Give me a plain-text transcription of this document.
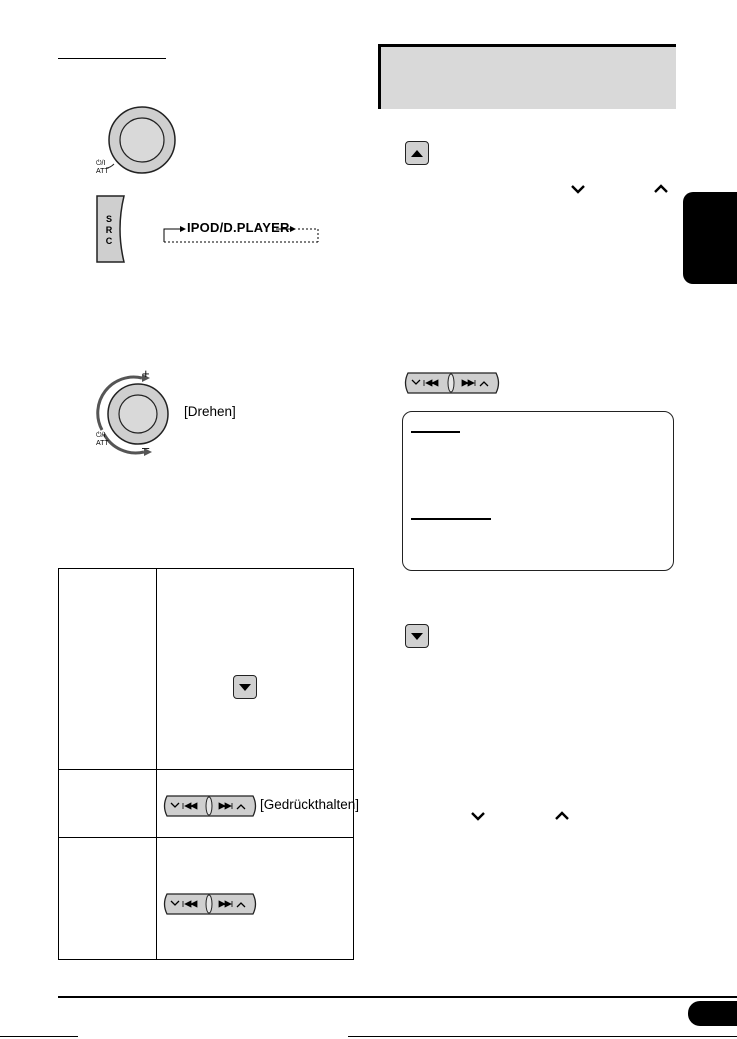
⏻/I
ATT
S
R
C
IPOD/D.PLAYER
+
–
[Drehen]
⏻/I
ATT
[Gedrückthalten]
